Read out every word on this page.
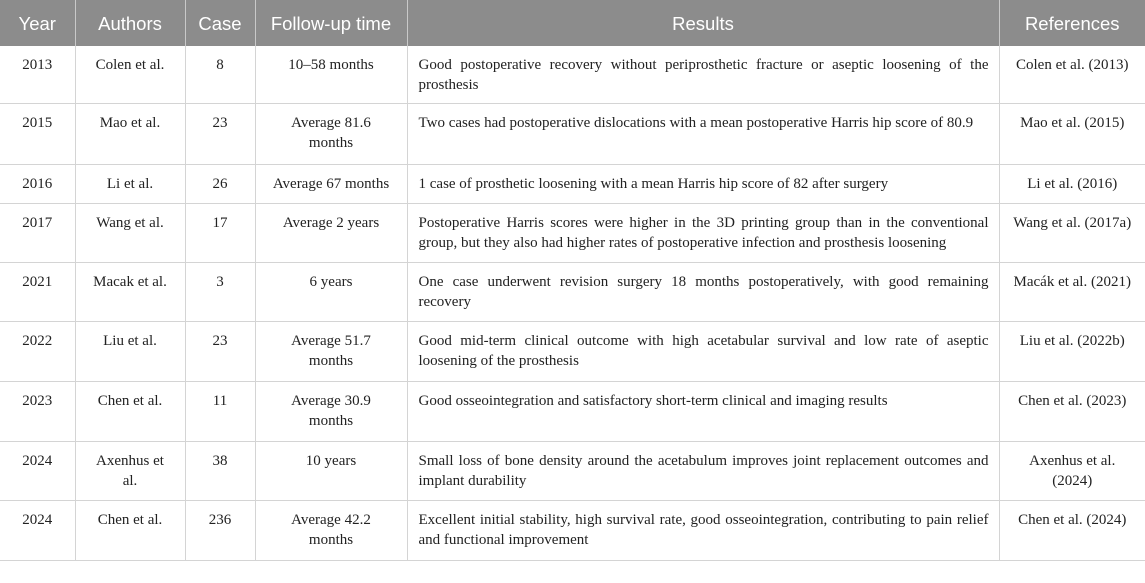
Year	Authors	Case	Follow-up time	Results	References
2013	Colen et al.	8	10–58 months	Good postoperative recovery without periprosthetic fracture or aseptic loosening of the prosthesis	Colen et al. (2013)
2015	Mao et al.	23	Average 81.6 months	Two cases had postoperative dislocations with a mean postoperative Harris hip score of 80.9	Mao et al. (2015)
2016	Li et al.	26	Average 67 months	1 case of prosthetic loosening with a mean Harris hip score of 82 after surgery	Li et al. (2016)
2017	Wang et al.	17	Average 2 years	Postoperative Harris scores were higher in the 3D printing group than in the conventional group, but they also had higher rates of postoperative infection and prosthesis loosening	Wang et al. (2017a)
2021	Macak et al.	3	6 years	One case underwent revision surgery 18 months postoperatively, with good remaining recovery	Macák et al. (2021)
2022	Liu et al.	23	Average 51.7 months	Good mid-term clinical outcome with high acetabular survival and low rate of aseptic loosening of the prosthesis	Liu et al. (2022b)
2023	Chen et al.	11	Average 30.9 months	Good osseointegration and satisfactory short-term clinical and imaging results	Chen et al. (2023)
2024	Axenhus et al.	38	10 years	Small loss of bone density around the acetabulum improves joint replacement outcomes and implant durability	Axenhus et al. (2024)
2024	Chen et al.	236	Average 42.2 months	Excellent initial stability, high survival rate, good osseointegration, contributing to pain relief and functional improvement	Chen et al. (2024)
